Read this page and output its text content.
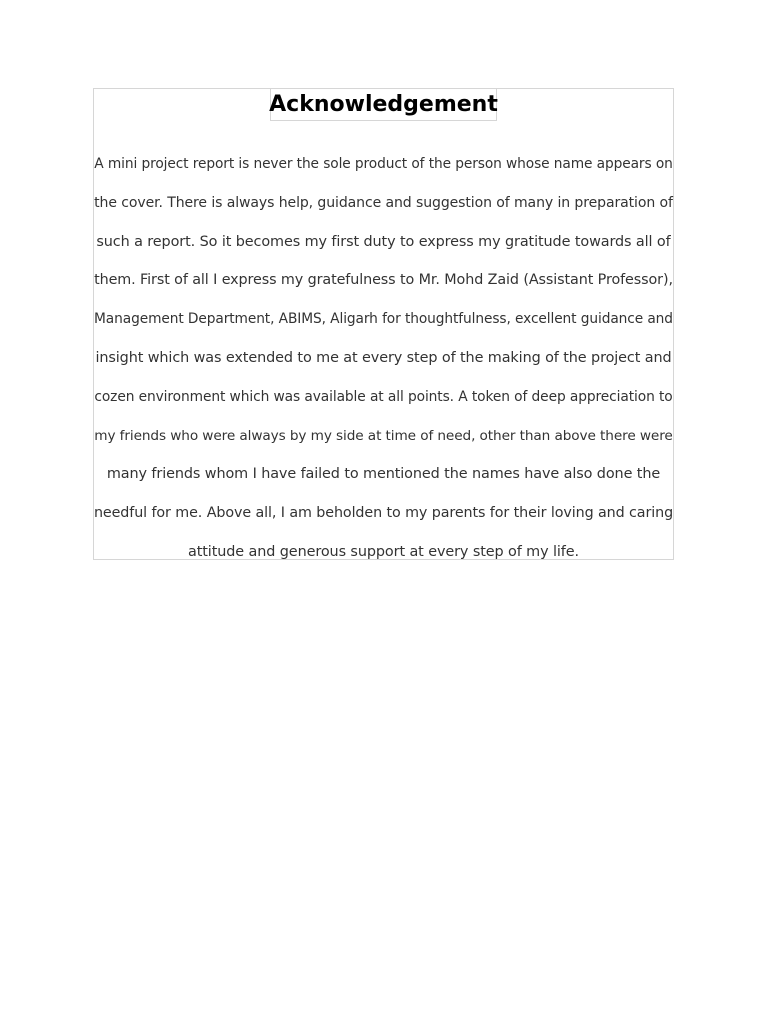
Acknowledgement

A mini project report is never the sole product of the person whose name appears on
the cover. There is always help, guidance and suggestion of many in preparation of
such a report. So it becomes my first duty to express my gratitude towards all of
them. First of all I express my gratefulness to Mr. Mohd Zaid (Assistant Professor),
Management Department, ABIMS, Aligarh for thoughtfulness, excellent guidance and
insight which was extended to me at every step of the making of the project and
cozen environment which was available at all points. A token of deep appreciation to
my friends who were always by my side at time of need, other than above there were
many friends whom I have failed to mentioned the names have also done the
needful for me. Above all, I am beholden to my parents for their loving and caring
attitude and generous support at every step of my life.
